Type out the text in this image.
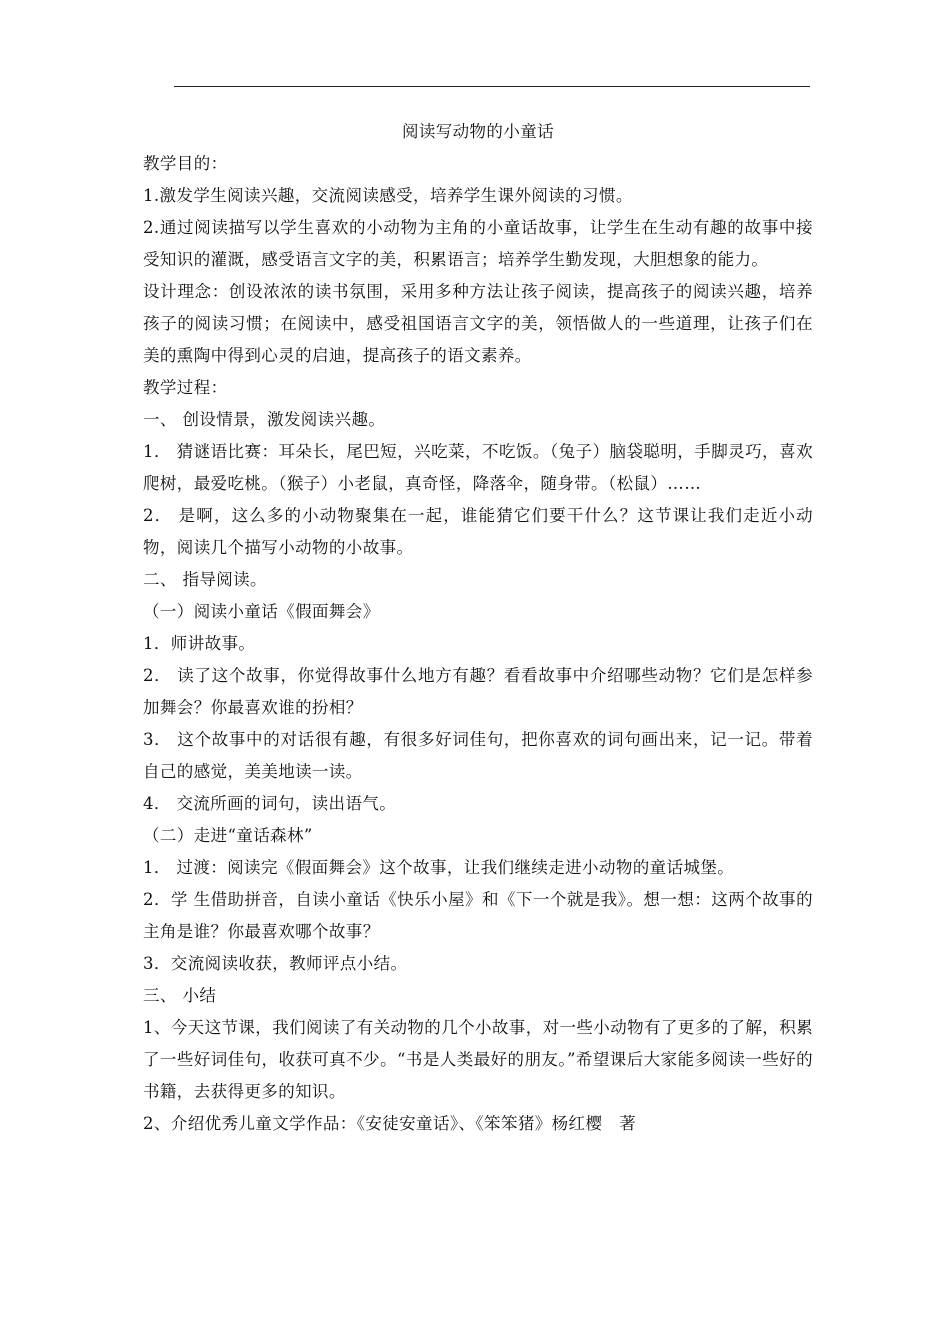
阅读写动物的小童话

教学目的：

1.激发学生阅读兴趣，交流阅读感受，培养学生课外阅读的习惯。

2.通过阅读描写以学生喜欢的小动物为主角的小童话故事，让学生在生动有趣的故事中接受知识的灌溉，感受语言文字的美，积累语言；培养学生勤发现，大胆想象的能力。

设计理念：创设浓浓的读书氛围，采用多种方法让孩子阅读，提高孩子的阅读兴趣，培养孩子的阅读习惯；在阅读中，感受祖国语言文字的美，领悟做人的一些道理，让孩子们在美的熏陶中得到心灵的启迪，提高孩子的语文素养。

教学过程：

一、 创设情景，激发阅读兴趣。

1． 猜谜语比赛：耳朵长，尾巴短，兴吃菜，不吃饭。（兔子）脑袋聪明，手脚灵巧，喜欢爬树，最爱吃桃。（猴子）小老鼠，真奇怪，降落伞，随身带。（松鼠）……

2． 是啊，这么多的小动物聚集在一起，谁能猜它们要干什么？这节课让我们走近小动物，阅读几个描写小动物的小故事。

二、 指导阅读。

（一）阅读小童话《假面舞会》

1．师讲故事。

2． 读了这个故事，你觉得故事什么地方有趣？看看故事中介绍哪些动物？它们是怎样参加舞会？你最喜欢谁的扮相？

3． 这个故事中的对话很有趣，有很多好词佳句，把你喜欢的词句画出来，记一记。带着自己的感觉，美美地读一读。

4． 交流所画的词句，读出语气。

（二）走进“童话森林”

1． 过渡：阅读完《假面舞会》这个故事，让我们继续走进小动物的童话城堡。

2．学 生借助拼音，自读小童话《快乐小屋》和《下一个就是我》。想一想：这两个故事的主角是谁？你最喜欢哪个故事？

3．交流阅读收获，教师评点小结。

三、 小结

1、今天这节课，我们阅读了有关动物的几个小故事，对一些小动物有了更多的了解，积累了一些好词佳句，收获可真不少。“书是人类最好的朋友。”希望课后大家能多阅读一些好的书籍，去获得更多的知识。

2、介绍优秀儿童文学作品：《安徒安童话》、《笨笨猪》杨红樱　著
